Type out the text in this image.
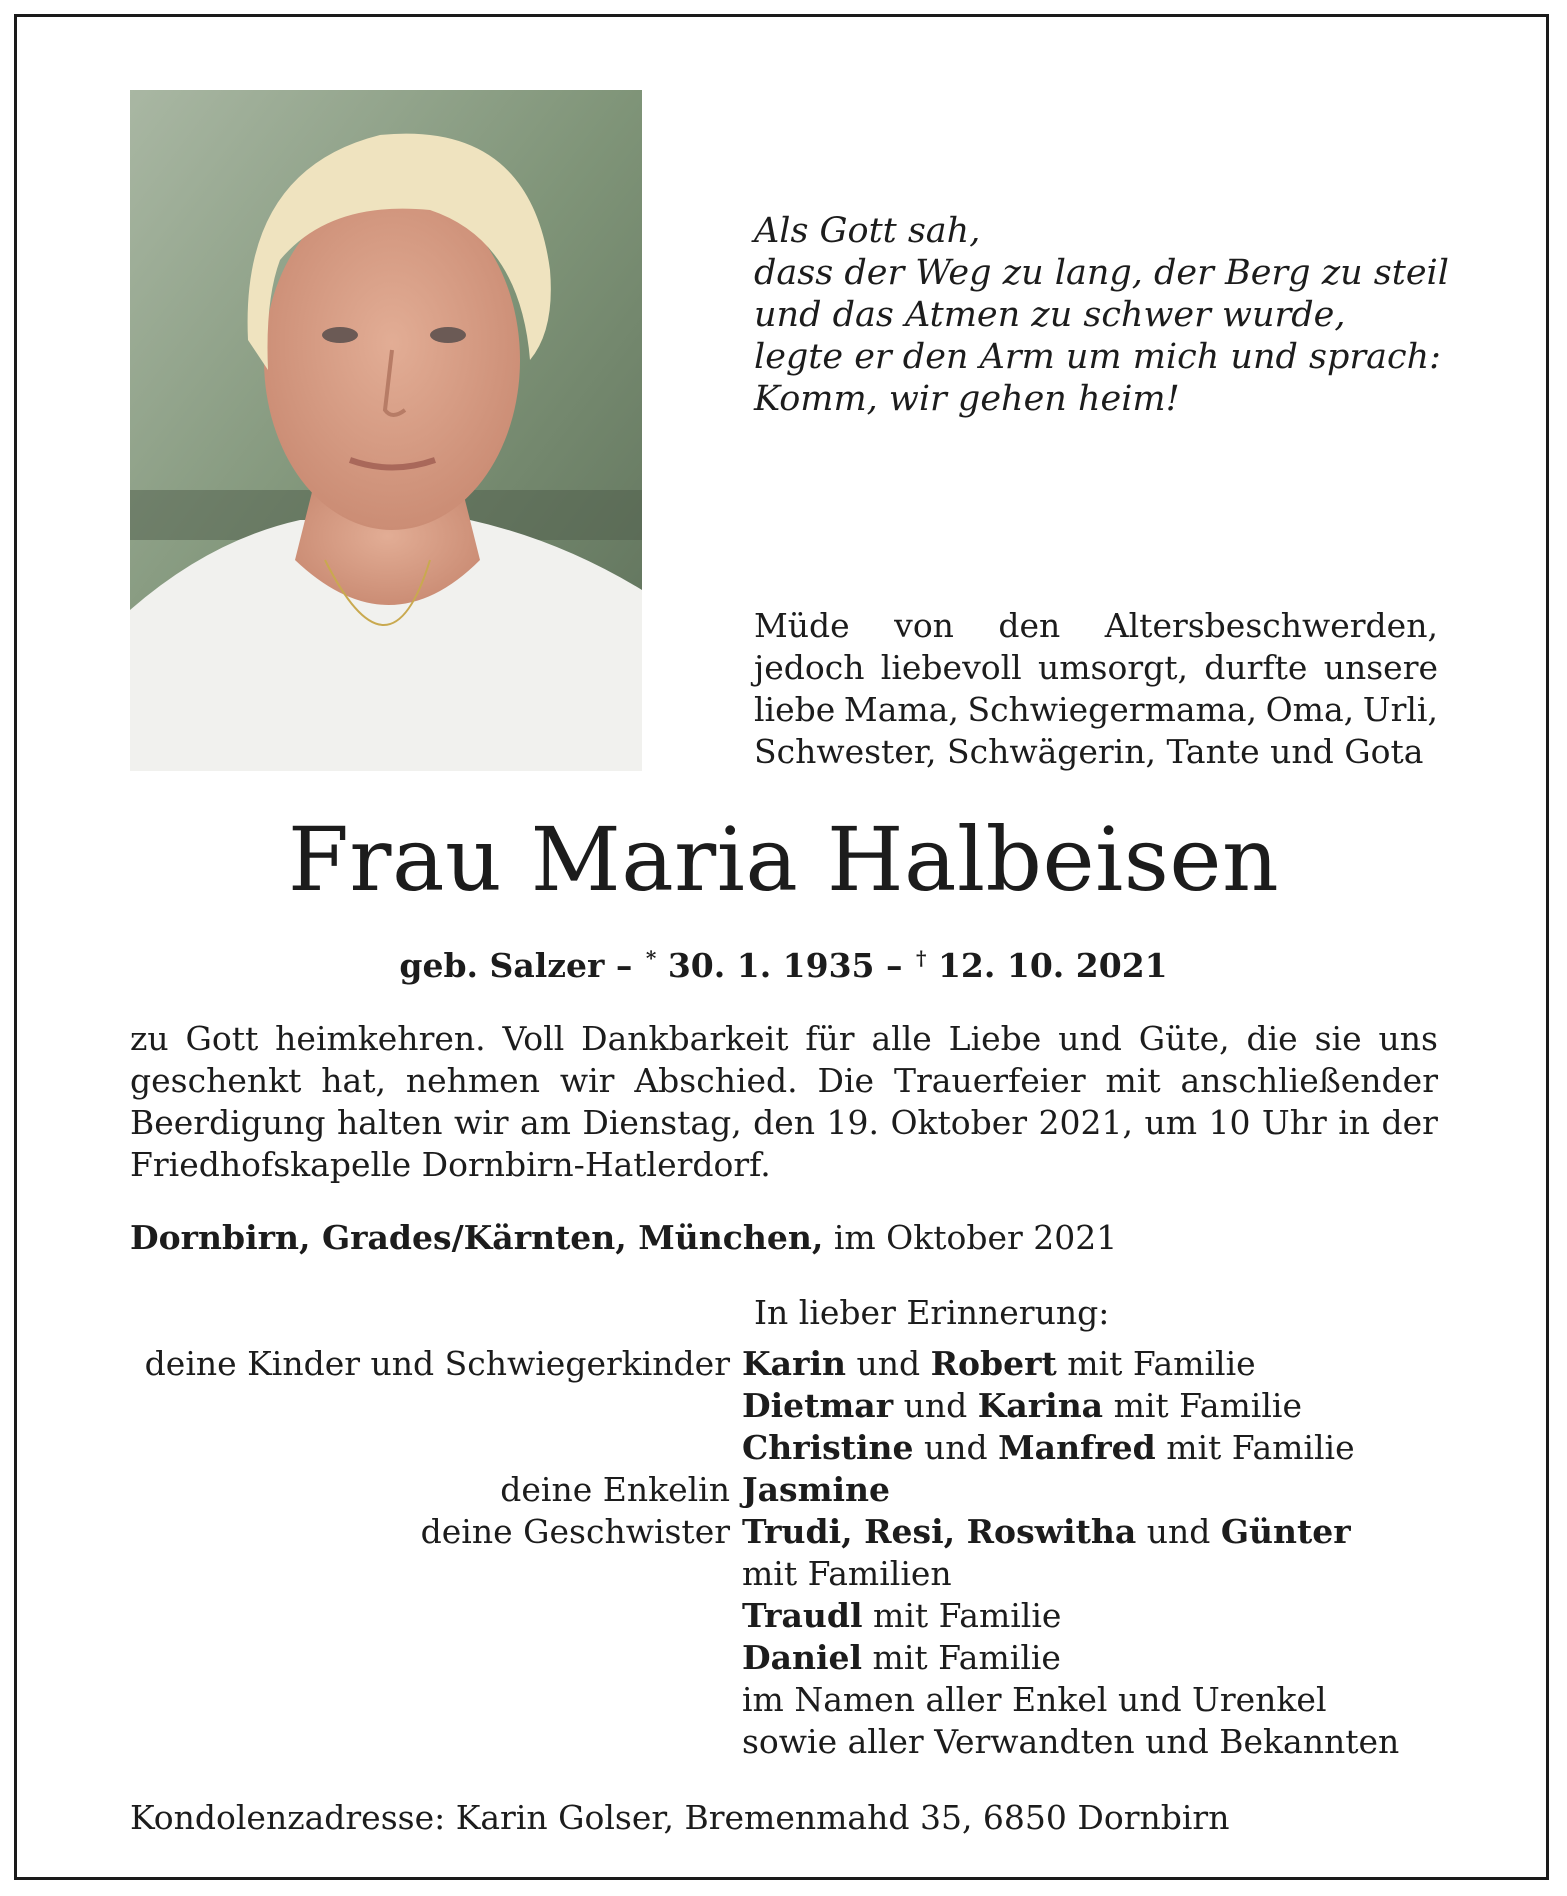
Als Gott sah,
dass der Weg zu lang, der Berg zu steil
und das Atmen zu schwer wurde,
legte er den Arm um mich und sprach:
Komm, wir gehen heim!
Müde von den Altersbeschwerden,
jedoch liebevoll umsorgt, durfte unsere
liebe Mama, Schwiegermama, Oma, Urli,
Schwester, Schwägerin, Tante und Gota
Frau Maria Halbeisen
geb. Salzer – * 30. 1. 1935 – † 12. 10. 2021
zu Gott heimkehren. Voll Dankbarkeit für alle Liebe und Güte, die sie uns
geschenkt hat, nehmen wir Abschied. Die Trauerfeier mit anschließender
Beerdigung halten wir am Dienstag, den 19. Oktober 2021, um 10 Uhr in der
Friedhofskapelle Dornbirn-Hatlerdorf.
Dornbirn, Grades/Kärnten, München, im Oktober 2021
In lieber Erinnerung:
deine Kinder und Schwiegerkinder Karin und Robert mit Familie
Dietmar und Karina mit Familie
Christine und Manfred mit Familie
deine Enkelin Jasmine
deine Geschwister Trudi, Resi, Roswitha und Günter
mit Familien
Traudl mit Familie
Daniel mit Familie
im Namen aller Enkel und Urenkel
sowie aller Verwandten und Bekannten
Kondolenzadresse: Karin Golser, Bremenmahd 35, 6850 Dornbirn
